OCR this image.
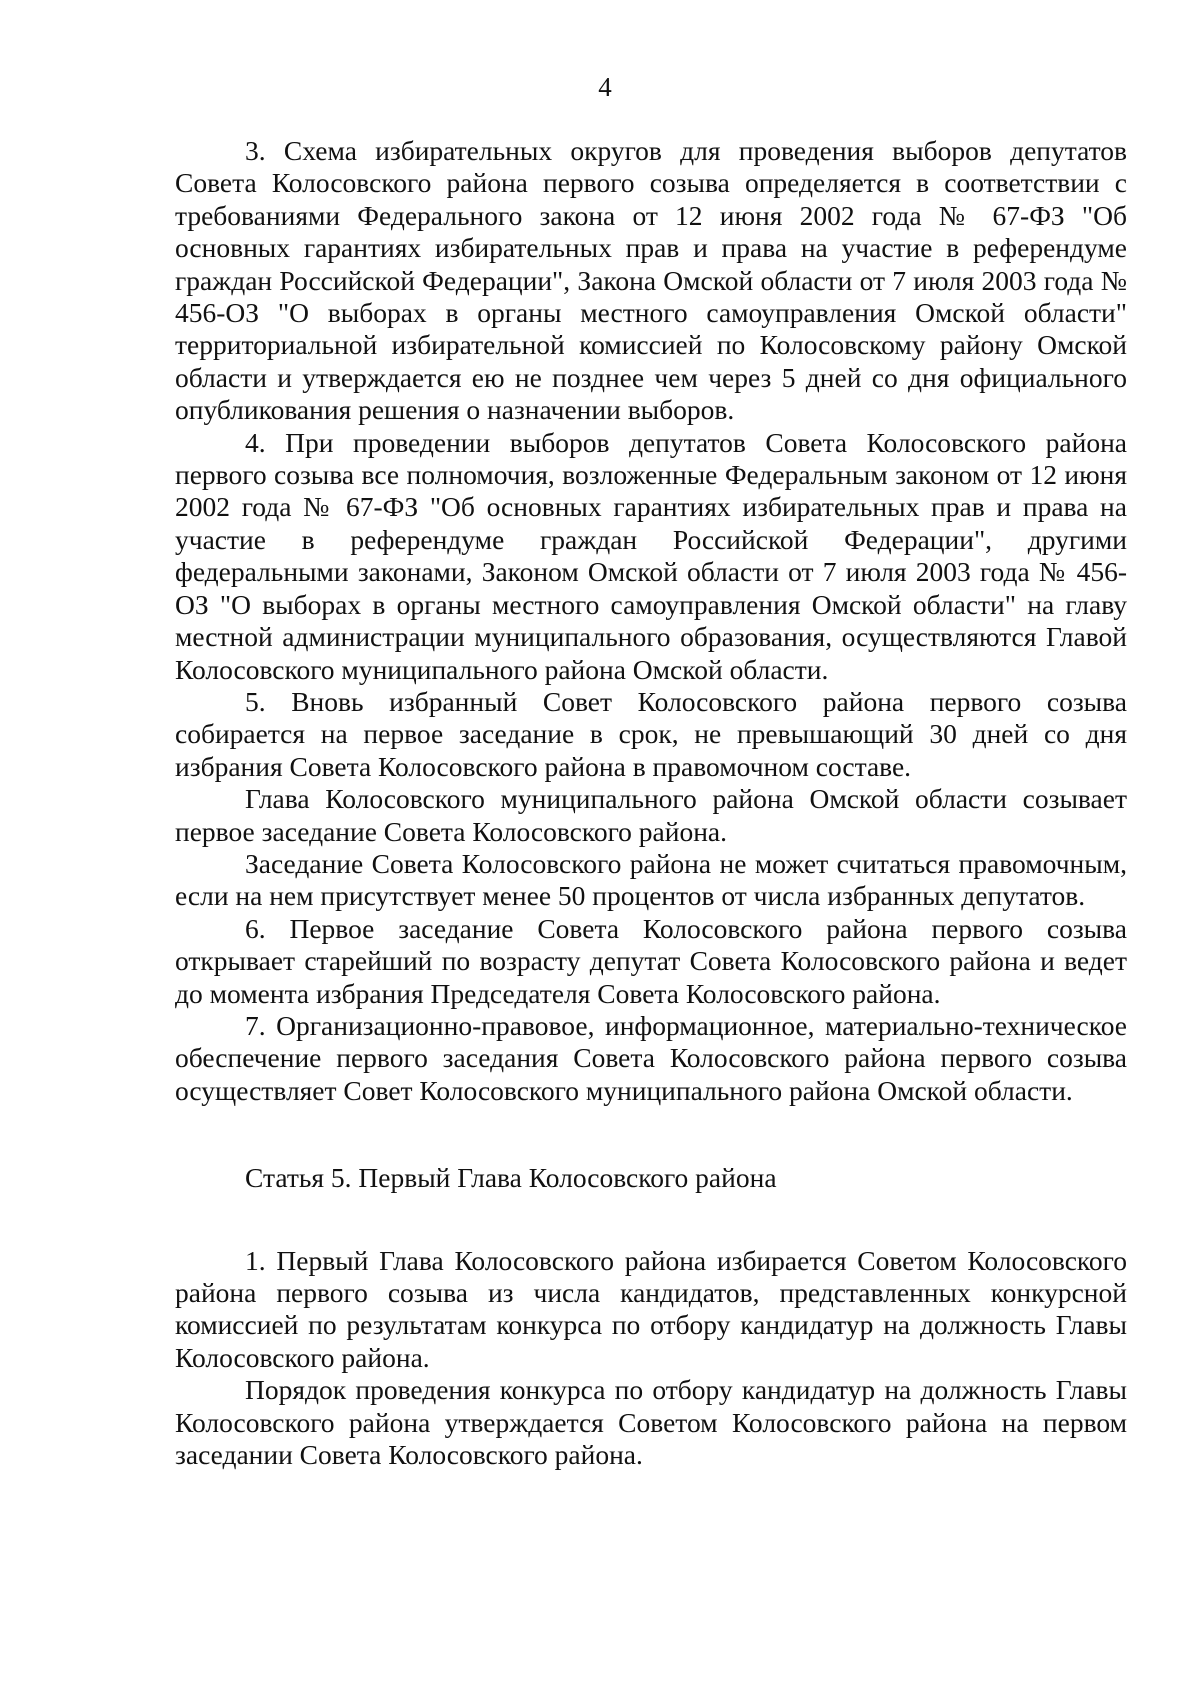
4

3. Схема избирательных округов для проведения выборов депутатов Совета Колосовского района первого созыва определяется в соответствии с требованиями Федерального закона от 12 июня 2002 года № 67-ФЗ "Об основных гарантиях избирательных прав и права на участие в референдуме граждан Российской Федерации", Закона Омской области от 7 июля 2003 года № 456-ОЗ "О выборах в органы местного самоуправления Омской области" территориальной избирательной комиссией по Колосовскому району Омской области и утверждается ею не позднее чем через 5 дней со дня официального опубликования решения о назначении выборов.

4. При проведении выборов депутатов Совета Колосовского района первого созыва все полномочия, возложенные Федеральным законом от 12 июня 2002 года № 67-ФЗ "Об основных гарантиях избирательных прав и права на участие в референдуме граждан Российской Федерации", другими федеральными законами, Законом Омской области от 7 июля 2003 года № 456-ОЗ "О выборах в органы местного самоуправления Омской области" на главу местной администрации муниципального образования, осуществляются Главой Колосовского муниципального района Омской области.

5. Вновь избранный Совет Колосовского района первого созыва собирается на первое заседание в срок, не превышающий 30 дней со дня избрания Совета Колосовского района в правомочном составе.

Глава Колосовского муниципального района Омской области созывает первое заседание Совета Колосовского района.

Заседание Совета Колосовского района не может считаться правомочным, если на нем присутствует менее 50 процентов от числа избранных депутатов.

6. Первое заседание Совета Колосовского района первого созыва открывает старейший по возрасту депутат Совета Колосовского района и ведет до момента избрания Председателя Совета Колосовского района.

7. Организационно-правовое, информационное, материально-техническое обеспечение первого заседания Совета Колосовского района первого созыва осуществляет Совет Колосовского муниципального района Омской области.

Статья 5. Первый Глава Колосовского района

1. Первый Глава Колосовского района избирается Советом Колосовского района первого созыва из числа кандидатов, представленных конкурсной комиссией по результатам конкурса по отбору кандидатур на должность Главы Колосовского района.

Порядок проведения конкурса по отбору кандидатур на должность Главы Колосовского района утверждается Советом Колосовского района на первом заседании Совета Колосовского района.
